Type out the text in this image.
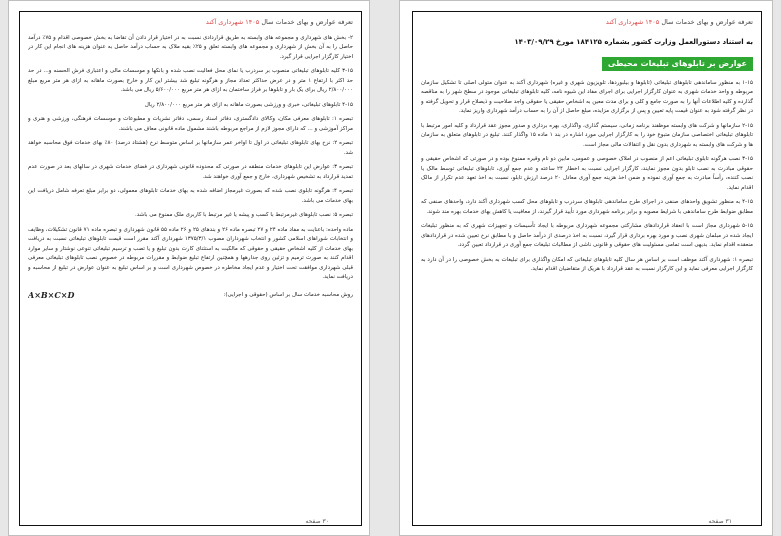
تعرفه عوارض و بهای خدمات سال ۱۴۰۵ شهرداری آکند

۲- بخش های شهرداری و مجموعه های وابسته به طریق قراردادی نسبت به در اختیار قرار دادن آن تقاضا به بخش خصوصی اقدام و ۷۵٪ درآمد حاصل را به آن بخش از شهرداری و مجموعه های وابسته تعلق و ۲۵٪ بقیه ملاک به حساب درآمد حاصل به عنوان هزینه های انجام این کار در اختیار کارگزار اجرایی قرار گیرد.

۳-۱۵ کلیه تابلوهای تبلیغاتی منصوب بر سردرب یا نمای محل فعالیت نصب شده و بانکها و موسسات مالی و اعتباری فرش الحسنه و... در حد حد اکثر با ارتفاع ۱ متر و در عرض حداکثر تعداد مجاز و هرگونه تبلیغ شد بیشتر این کار و خارج بصورت ماهانه به ازای هر متر مربع مبلغ ۲/۸۰۰/۰۰۰ ریال برای یک بار و تابلوها بر فراز ساختمان به ازای هر متر مربع ۵/۶۰۰/۰۰۰ ریال می باشد.

۴-۱۵ تابلوهای تبلیغاتی، خبری و ورزشی بصورت ماهانه به ازای هر متر مربع ۲/۸۰۰/۰۰۰ ریال

تبصره ۱: تابلوهای معرفی مکان، وکالای دادگستری، دفاتر اسناد رسمی، دفاتر نشریات و مطبوعات و موسسات فرهنگی، ورزشی و هنری و مراکز آموزشی و ... که دارای مجوز لازم از مراجع مربوطه باشند مشمول ماده قانونی معاف می باشند.

تبصره ۲: نرخ بهای تابلوهای تبلیغاتی در اول تا اواخر عمر سازمانها بر اساس متوسط نرخ (هشتاد درصد) ۸۰٪ بهای خدمات فوق محاسبه خواهد شد.

تبصره ۳: عوارض این تابلوهای خدمات منطقه در صورتی که محدوده قانونی شهرداری در فضای خدمات شهری در سالهای بعد در صورت عدم تمدید قرارداد به تشخیص شهرداری، خارج و جمع آوری خواهند شد.

تبصره ۴: هرگونه تابلوی نصب شده که بصورت غیرمجاز اضافه شده به بهای خدمات تابلوهای معمولی، دو برابر مبلغ تعرفه شامل دریافت این بهای خدمات می باشد.

تبصره ۵: نصب تابلوهای غیرمرتبط با کسب و پیشه یا غیر مرتبط با کاربری ملک ممنوع می باشد.

ماده واحده: باعنایت به مفاد ماده ۲۴ و ۲۷ تبصره ماده ۲۶ و بندهای ۲۵ و ۲۶ ماده ۵۵ قانون شهرداری و تبصره ماده ۷۱ قانون تشکیلات، وظایف و انتخابات شوراهای اسلامی کشور و انتخاب شهرداران مصوب ۱۳۷۵/۳/۱ شهرداری آکند مقرر است قیمت تابلوهای تبلیغاتی نسبت به دریافت بهای خدمات از کلیه اشخاص حقیقی و حقوقی که مالکیت به استثنای کارت بدون تبلیغ و یا تصب و ترسیم تبلیغاتی تنوعی نوشتار و سایر موارد اقدام کنند به صورت ترمیم و تزئین روی جدارهها و همچنین ارتفاع تبلیغ ضوابط و مقررات مربوطه در خصوص نصب تابلوهای تبلیغاتی معرفی قبلی شهرداری موافقت تحت اختیار و عدم ایجاد مخاطره در خصوص شهرداری است و بر اساس تبلیغ به عنوان عوارض در تبلیغ از محاسبه و دریافت نماید.

روش محاسبه خدمات سال بر اساس (حقوقی و اجرایی):
A×B×C×D
۳۰ صفحه
تعرفه عوارض و بهای خدمات سال ۱۴۰۵ شهرداری آکند
به استناد دستورالعمل وزارت کشور بشماره ۱۸۴۱۲۵ مورخ ۱۴۰۳/۰۹/۲۹
عوارض بر تابلوهای تبلیغات محیطی

۱-۱۵ به منظور ساماندهی تابلوهای تبلیغاتی (تابلوها و بیلبوردها، تلویزیون شهری و غیره) شهرداری آکند به عنوان متولی اصلی تا تشکیل سازمان مربوطه و واحد خدمات شهری به عنوان کارگزار اجرایی برای اجرای مفاد این شیوه نامه، کلیه تابلوهای تبلیغاتی موجود در سطح شهر را به مناقصه گذارده و کلیه اطلاعات آنها را به صورت جامع و کلی و برای مدت معین به اشخاص حقیقی یا حقوقی واجد صلاحیت و ذیصلاح قرار و تحویل گرفته و در نظر گرفته شود به عنوان قیمت پایه تعیین و پس از برگزاری مزایده، مبلغ حاصل از آن را به حساب درآمد شهرداری واریز نماید.

۲-۱۵ سازمانها و شرکت های وابسته موظفند برنامه زمانی، سیستم گذاری، واگذاری، بهره برداری و صدور مجوز عقد قرارداد و کلیه امور مرتبط با تابلوهای تبلیغاتی اختصاصی سازمان متبوع خود را به کارگزار اجرایی مورد اشاره در بند ۱ ماده ۱۵ واگذار کنند. تبلیغ در تابلوهای متعلق به سازمان ها و شرکت های وابسته به شهرداری بدون نقل و انتقالات مالی مجاز است.

۳-۱۵ نصب هرگونه تابلوی تبلیغاتی اعم از منصوب در املاک خصوصی و عمومی، مابین دو نام وقیره ممنوع بوده و در صورتی که اشخاص حقیقی و حقوقی مبادرت به نصب تابلو بدون مجوز نمایند، کارگزار اجرایی نسبت به اخطار ۲۴ ساعته و عدم جمع آوری، تابلوهای تبلیغاتی توسط مالک یا نصب کننده، رأساً مبادرت به جمع آوری نموده و ضمن اخذ هزینه جمع آوری معادل ۲۰ درصد ارزش تابلو، نسبت به اخذ تعهد عدم تکرار از مالک اقدام نماید.

۴-۱۵ به منظور تشویق واحدهای صنفی در اجرای طرح ساماندهی تابلوهای سردرب و تابلوهای محل کسب شهرداری آکند دارد، واحدهای صنفی که مطابق ضوابط طرح ساماندهی با شرایط مصوبه و برابر برنامه شهرداری مورد تأیید قرار گیرند، از معافیت یا کاهش بهای خدمات بهره مند شوند.

۵-۱۵ شهرداری مجاز است با انعقاد قراردادهای مشارکتی مجموعه شهرداری مربوطه با ایجاد تأسیسات و تجهیزات شهری که به منظور تبلیغات ایجاد شده در مبلمان شهری نصب و مورد بهره برداری قرار گیرد، نسبت به اخذ درصدی از درآمد حاصل و یا مطابق نرخ تعیین شده در قراردادهای منعقده اقدام نماید. بدیهی است تمامی مسئولیت های حقوقی و قانونی ناشی از مطالبات تبلیغات جمع آوری در قرارداد تعیین گردد.

تبصره ۱: شهرداری آکند موظف است بر اساس هر سال کلیه تابلوهای تبلیغاتی که امکان واگذاری برای تبلیغات به بخش خصوصی را در آن دارد به کارگزار اجرایی معرفی نماید و این کارگزار نسبت به عقد قرارداد با هریک از متقاضیان اقدام نماید.

۳۱ صفحه
